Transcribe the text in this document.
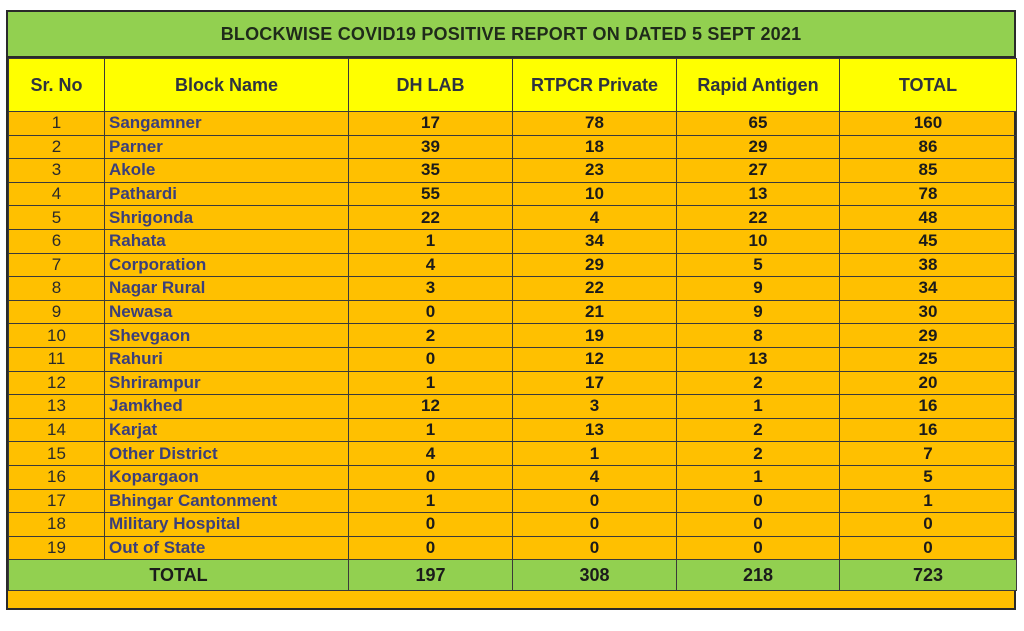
BLOCKWISE COVID19 POSITIVE REPORT ON DATED 5 SEPT 2021
Sr. No	Block Name	DH LAB	RTPCR Private	Rapid Antigen	TOTAL
1	Sangamner	17	78	65	160
2	Parner	39	18	29	86
3	Akole	35	23	27	85
4	Pathardi	55	10	13	78
5	Shrigonda	22	4	22	48
6	Rahata	1	34	10	45
7	Corporation	4	29	5	38
8	Nagar Rural	3	22	9	34
9	Newasa	0	21	9	30
10	Shevgaon	2	19	8	29
11	Rahuri	0	12	13	25
12	Shrirampur	1	17	2	20
13	Jamkhed	12	3	1	16
14	Karjat	1	13	2	16
15	Other District	4	1	2	7
16	Kopargaon	0	4	1	5
17	Bhingar Cantonment	1	0	0	1
18	Military Hospital	0	0	0	0
19	Out of State	0	0	0	0
TOTAL		197	308	218	723
